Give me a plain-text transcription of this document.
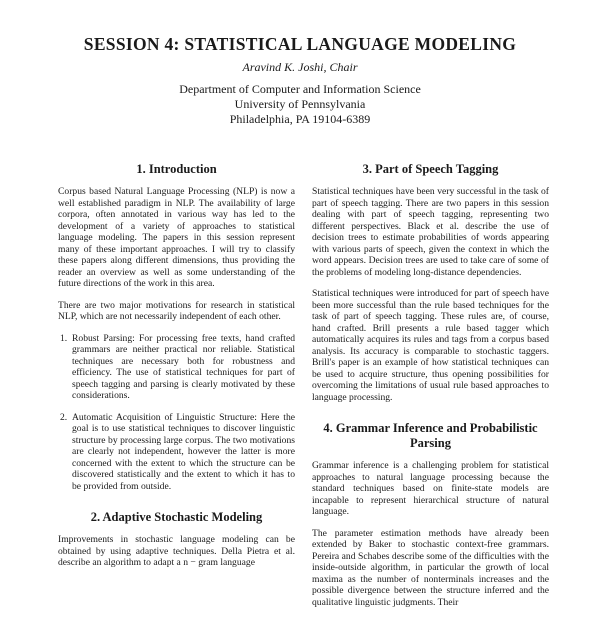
SESSION 4: STATISTICAL LANGUAGE MODELING
Aravind K. Joshi, Chair
Department of Computer and Information Science
University of Pennsylvania
Philadelphia, PA 19104-6389
1. Introduction

Corpus based Natural Language Processing (NLP) is now a well established paradigm in NLP. The availability of large corpora, often annotated in various way has led to the development of a variety of approaches to statistical language modeling. The papers in this session represent many of these important approaches. I will try to classify these papers along different dimensions, thus providing the reader an overview as well as some understanding of the future directions of the work in this area.

There are two major motivations for research in statistical NLP, which are not necessarily independent of each other.

1. Robust Parsing: For processing free texts, hand crafted grammars are neither practical nor reliable. Statistical techniques are necessary both for robustness and efficiency. The use of statistical techniques for part of speech tagging and parsing is clearly motivated by these considerations.

2. Automatic Acquisition of Linguistic Structure: Here the goal is to use statistical techniques to discover linguistic structure by processing large corpus. The two motivations are clearly not independent, however the latter is more concerned with the extent to which the structure can be discovered statistically and the extent to which it has to be provided from outside.

2. Adaptive Stochastic Modeling

Improvements in stochastic language modeling can be obtained by using adaptive techniques. Della Pietra et al. describe an algorithm to adapt a n − gram language

3. Part of Speech Tagging

Statistical techniques have been very successful in the task of part of speech tagging. There are two papers in this session dealing with part of speech tagging, representing two different perspectives. Black et al. describe the use of decision trees to estimate probabilities of words appearing with various parts of speech, given the context in which the word appears. Decision trees are used to take care of some of the problems of modeling long-distance dependencies.

Statistical techniques were introduced for part of speech have been more successful than the rule based techniques for the task of part of speech tagging. These rules are, of course, hand crafted. Brill presents a rule based tagger which automatically acquires its rules and tags from a corpus based analysis. Its accuracy is comparable to stochastic taggers. Brill's paper is an example of how statistical techniques can be used to acquire structure, thus opening possibilities for overcoming the limitations of usual rule based approaches to language processing.

4. Grammar Inference and Probabilistic Parsing

Grammar inference is a challenging problem for statistical approaches to natural language processing because the standard techniques based on finite-state models are incapable to represent hierarchical structure of natural language.

The parameter estimation methods have already been extended by Baker to stochastic context-free grammars. Pereira and Schabes describe some of the difficulties with the inside-outside algorithm, in particular the growth of local maxima as the number of nonterminals increases and the possible divergence between the structure inferred and the qualitative linguistic judgments. Their
